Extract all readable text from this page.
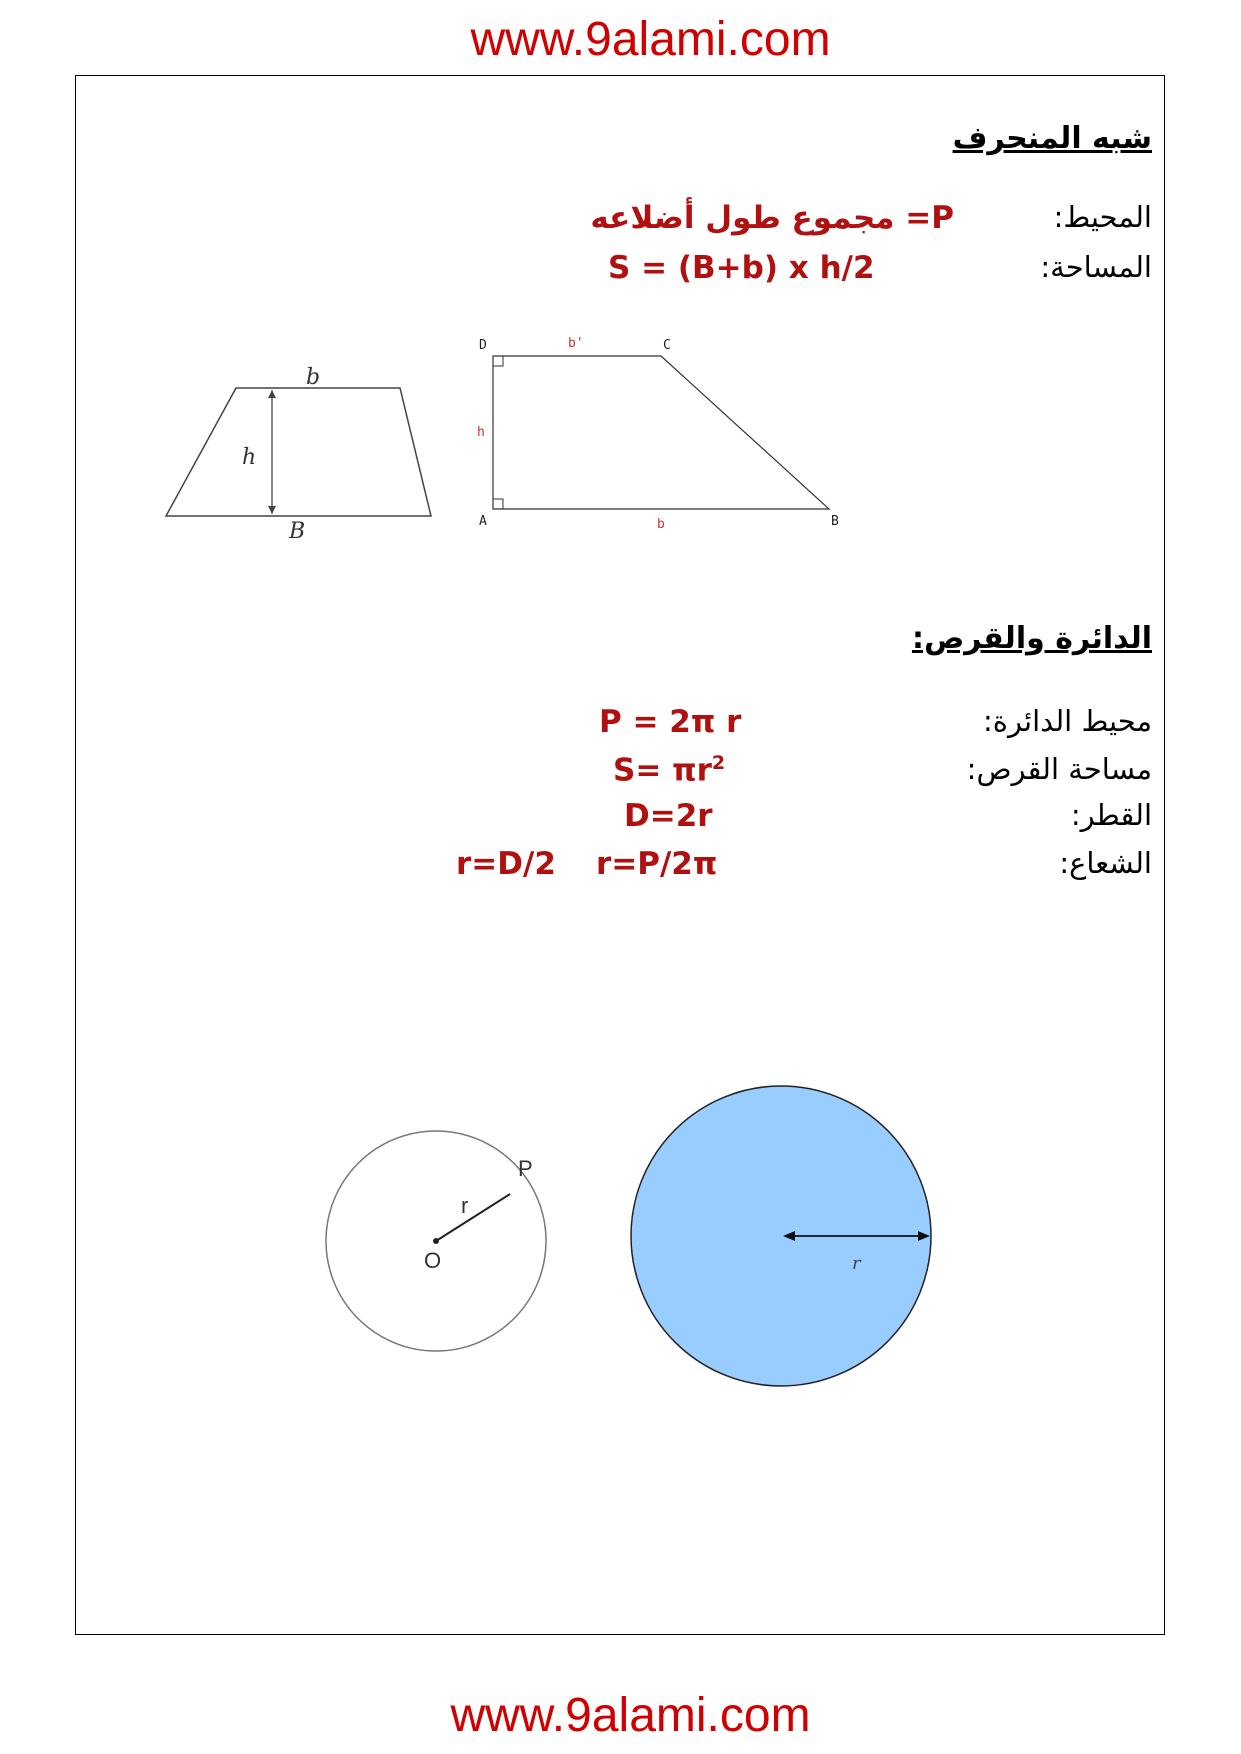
www.9alami.com
شبه المنحرف
المحيط:
P= مجموع طول أضلاعه
المساحة:
S = (B+b) x h/2
b
h
B
D	C
A	B
b'
h
b
الدائرة والقرص:
محيط الدائرة:
P = 2π r
مساحة القرص:
$S= \pi r^2$
القطر:
D=2r
الشعاع:
r=D/2 r=P/2π
O
P
r
r
www.9alami.com
